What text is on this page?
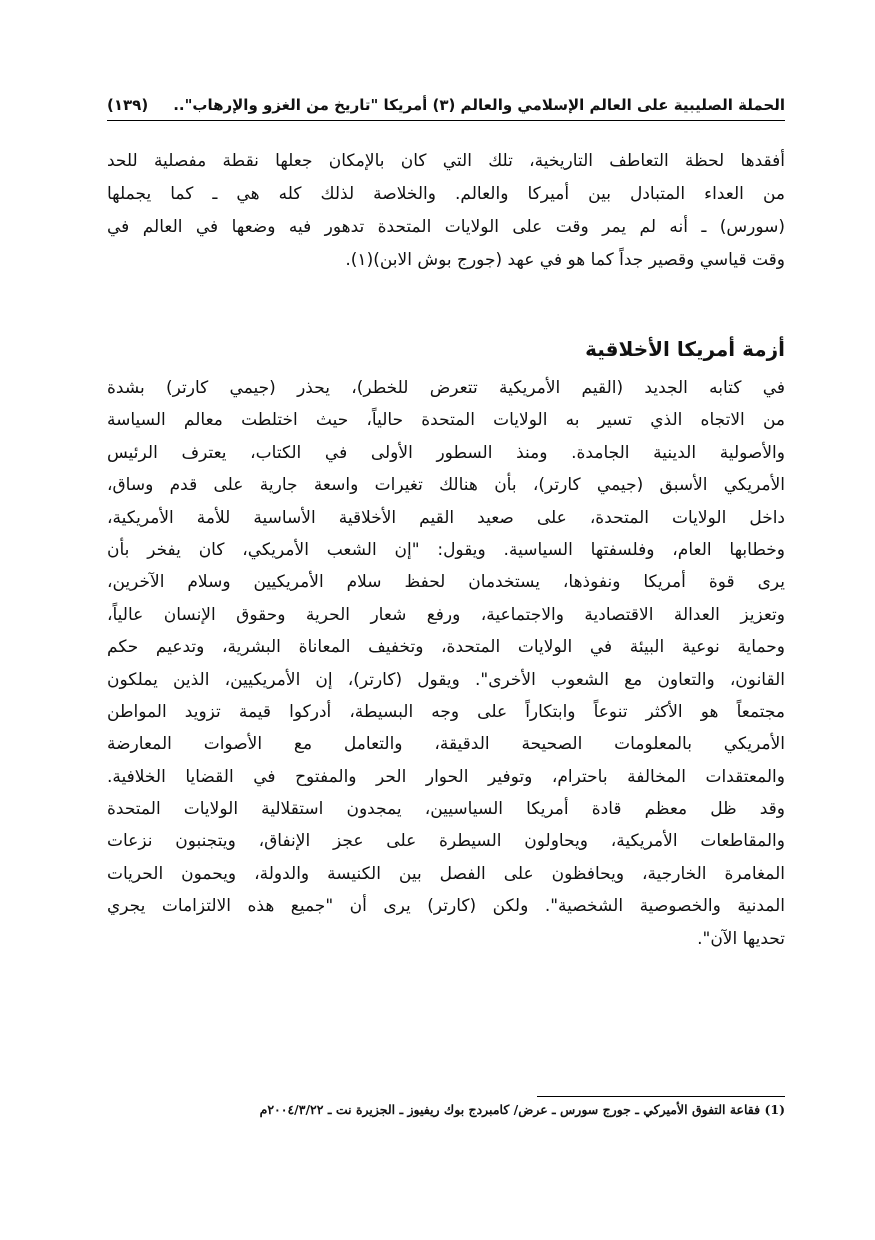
الحملة الصليبية على العالم الإسلامي والعالم (٣) أمريكا "تاريخ من الغزو والإرهاب"..
(١٣٩)
أفقدها لحظة التعاطف التاريخية، تلك التي كان بالإمكان جعلها نقطة مفصلية للحد
من العداء المتبادل بين أميركا والعالم. والخلاصة لذلك كله هي ـ كما يجملها
(سورس) ـ أنه لم يمر وقت على الولايات المتحدة تدهور فيه وضعها في العالم في
وقت قياسي وقصير جداً كما هو في عهد (جورج بوش الابن)(١).
أزمة أمريكا الأخلاقية
في كتابه الجديد (القيم الأمريكية تتعرض للخطر)، يحذر (جيمي كارتر) بشدة
من الاتجاه الذي تسير به الولايات المتحدة حالياً، حيث اختلطت معالم السياسة
والأصولية الدينية الجامدة. ومنذ السطور الأولى في الكتاب، يعترف الرئيس
الأمريكي الأسبق (جيمي كارتر)، بأن هنالك تغيرات واسعة جارية على قدم وساق،
داخل الولايات المتحدة، على صعيد القيم الأخلاقية الأساسية للأمة الأمريكية،
وخطابها العام، وفلسفتها السياسية. ويقول: "إن الشعب الأمريكي، كان يفخر بأن
يرى قوة أمريكا ونفوذها، يستخدمان لحفظ سلام الأمريكيين وسلام الآخرين،
وتعزيز العدالة الاقتصادية والاجتماعية، ورفع شعار الحرية وحقوق الإنسان عالياً،
وحماية نوعية البيئة في الولايات المتحدة، وتخفيف المعاناة البشرية، وتدعيم حكم
القانون، والتعاون مع الشعوب الأخرى". ويقول (كارتر)، إن الأمريكيين، الذين يملكون
مجتمعاً هو الأكثر تنوعاً وابتكاراً على وجه البسيطة، أدركوا قيمة تزويد المواطن
الأمريكي بالمعلومات الصحيحة الدقيقة، والتعامل مع الأصوات المعارضة
والمعتقدات المخالفة باحترام، وتوفير الحوار الحر والمفتوح في القضايا الخلافية.
وقد ظل معظم قادة أمريكا السياسيين، يمجدون استقلالية الولايات المتحدة
والمقاطعات الأمريكية، ويحاولون السيطرة على عجز الإنفاق، ويتجنبون نزعات
المغامرة الخارجية، ويحافظون على الفصل بين الكنيسة والدولة، ويحمون الحريات
المدنية والخصوصية الشخصية". ولكن (كارتر) يرى أن "جميع هذه الالتزامات يجري
تحديها الآن".
(1) فقاعة التفوق الأميركي ـ جورج سورس ـ عرض/ كامبردج بوك ريفيوز ـ الجزيرة نت ـ ٢٠٠٤/٣/٢٢م
